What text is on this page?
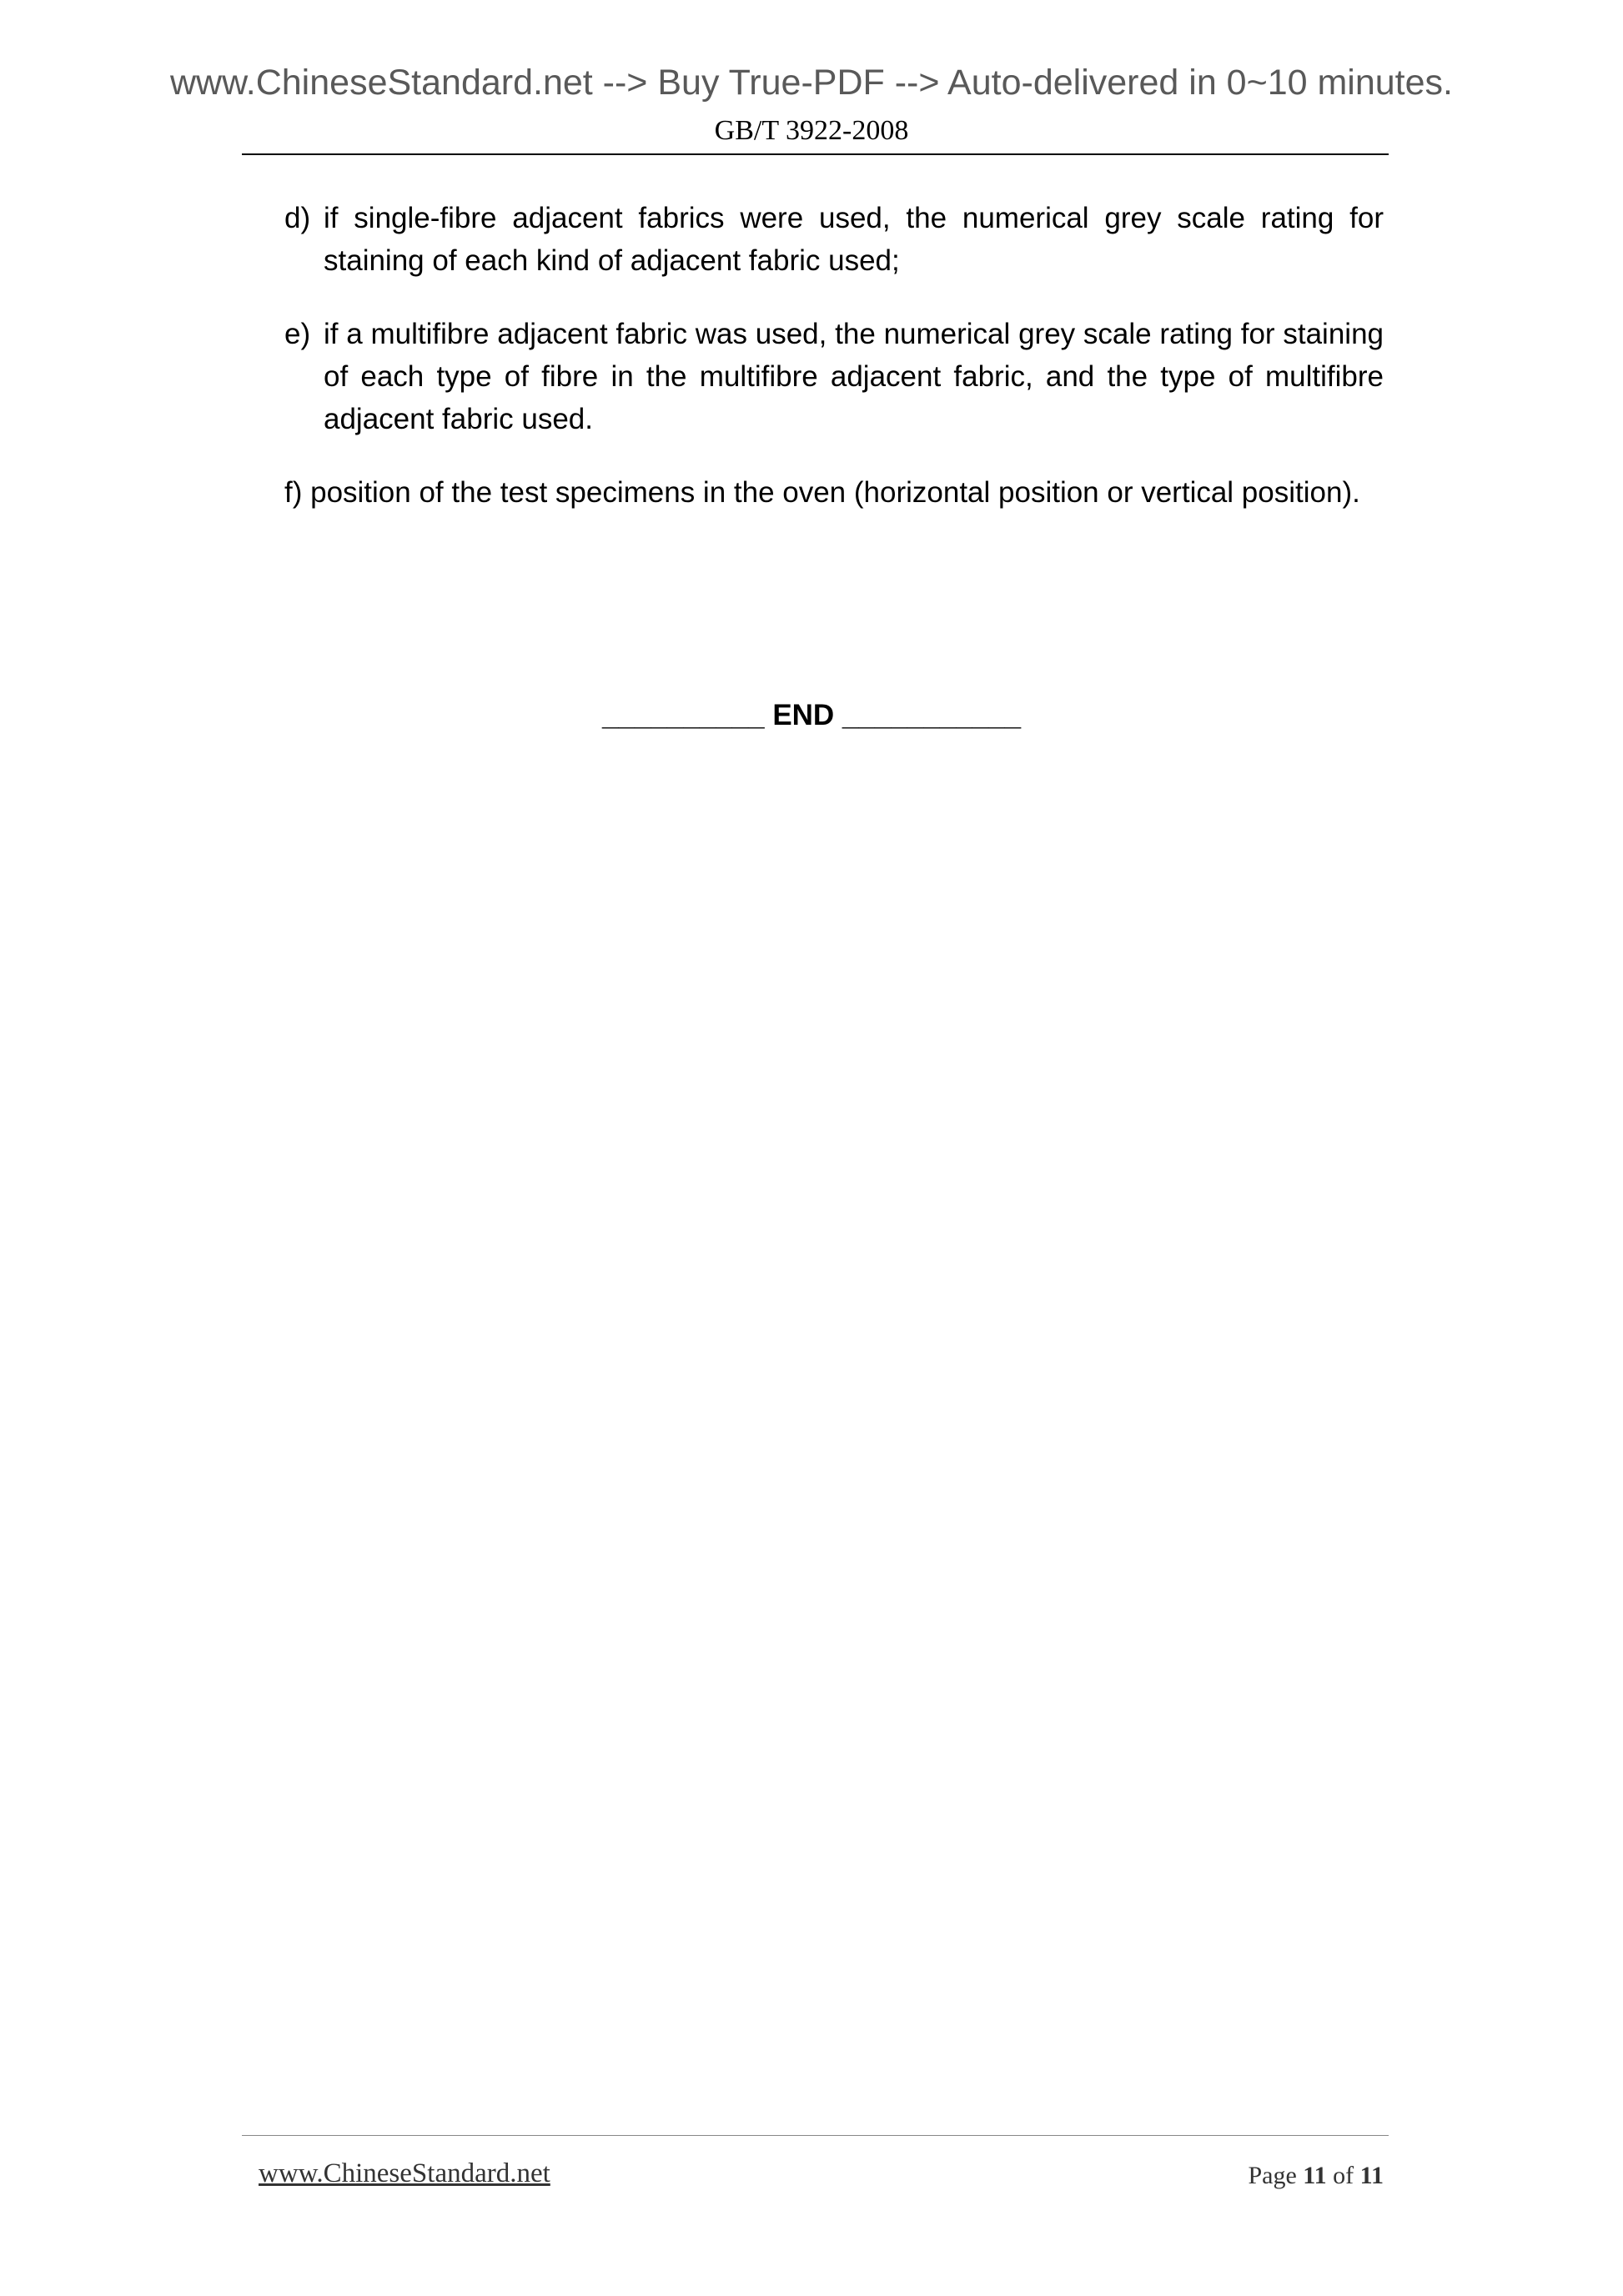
www.ChineseStandard.net --> Buy True-PDF --> Auto-delivered in 0~10 minutes.
GB/T 3922-2008
d) if single-fibre adjacent fabrics were used, the numerical grey scale rating for staining of each kind of adjacent fabric used;
e) if a multifibre adjacent fabric was used, the numerical grey scale rating for staining of each type of fibre in the multifibre adjacent fabric, and the type of multifibre adjacent fabric used.
f) position of the test specimens in the oven (horizontal position or vertical position).
__________ END ___________
www.ChineseStandard.net	Page 11 of 11
